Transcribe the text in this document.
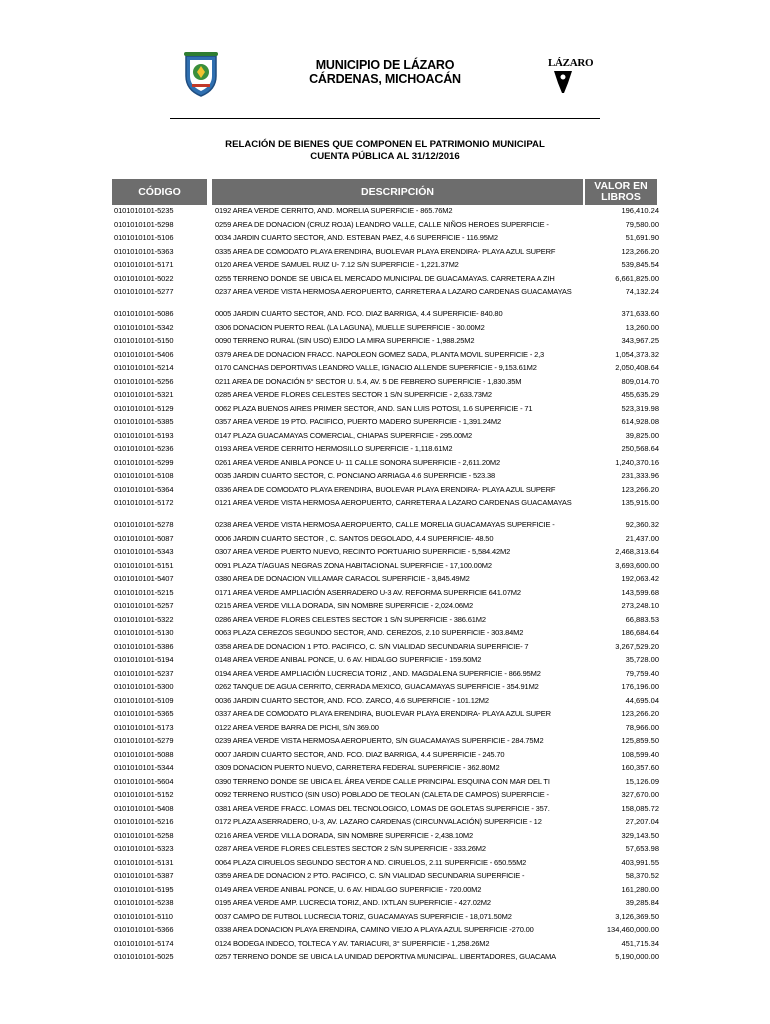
LÁZARO
MUNICIPIO DE LÁZARO
CÁRDENAS, MICHOACÁN
RELACIÓN DE BIENES QUE COMPONEN EL PATRIMONIO MUNICIPAL
CUENTA PÚBLICA AL 31/12/2016
CÓDIGO	DESCRIPCIÓN	VALOR EN
LIBROS
0101010101-5235	0192 AREA VERDE CERRITO, AND. MORELIA SUPERFICIE - 865.76M2	196,410.24
0101010101-5298	0259 AREA DE DONACION (CRUZ ROJA) LEANDRO VALLE, CALLE NIÑOS HEROES SUPERFICIE -	79,580.00
0101010101-5106	0034 JARDIN CUARTO SECTOR, AND. ESTEBAN PAEZ, 4.6 SUPERFICIE - 116.95M2	51,691.90
0101010101-5363	0335 AREA DE COMODATO PLAYA ERENDIRA, BUOLEVAR PLAYA ERENDIRA- PLAYA AZUL SUPERF	123,266.20
0101010101-5171	0120 AREA VERDE SAMUEL RUIZ U- 7.12 S/N SUPERFICIE - 1,221.37M2	539,845.54
0101010101-5022	0255 TERRENO DONDE SE UBICA EL MERCADO MUNICIPAL DE GUACAMAYAS. CARRETERA A ZIH	6,661,825.00
0101010101-5277	0237 AREA VERDE VISTA HERMOSA AEROPUERTO, CARRETERA A LAZARO CARDENAS GUACAMAYAS	74,132.24
0101010101-5086	0005 JARDIN CUARTO SECTOR, AND. FCO. DIAZ BARRIGA, 4.4 SUPERFICIE- 840.80	371,633.60
0101010101-5342	0306 DONACION PUERTO REAL (LA LAGUNA), MUELLE SUPERFICIE - 30.00M2	13,260.00
0101010101-5150	0090 TERRENO RURAL (SIN USO) EJIDO LA MIRA SUPERFICIE - 1,988.25M2	343,967.25
0101010101-5406	0379 AREA DE DONACION FRACC. NAPOLEON GOMEZ SADA, PLANTA MOVIL SUPERFICIE - 2,3	1,054,373.32
0101010101-5214	0170 CANCHAS DEPORTIVAS LEANDRO VALLE, IGNACIO ALLENDE SUPERFICIE - 9,153.61M2	2,050,408.64
0101010101-5256	0211 AREA DE DONACIÓN 5° SECTOR U. 5.4, AV. 5 DE FEBRERO SUPERFICIE - 1,830.35M	809,014.70
0101010101-5321	0285 AREA VERDE FLORES CELESTES SECTOR 1 S/N SUPERFICIE - 2,633.73M2	455,635.29
0101010101-5129	0062 PLAZA BUENOS AIRES PRIMER SECTOR, AND. SAN LUIS POTOSI, 1.6 SUPERFICIE - 71	523,319.98
0101010101-5385	0357 AREA VERDE 19 PTO. PACIFICO, PUERTO MADERO SUPERFICIE - 1,391.24M2	614,928.08
0101010101-5193	0147 PLAZA GUACAMAYAS COMERCIAL, CHIAPAS SUPERFICIE - 295.00M2	39,825.00
0101010101-5236	0193 AREA VERDE CERRITO HERMOSILLO SUPERFICIE - 1,118.61M2	250,568.64
0101010101-5299	0261 AREA VERDE ANIBLA PONCE U- 11 CALLE SONORA SUPERFICIE - 2,611.20M2	1,240,370.16
0101010101-5108	0035 JARDIN CUARTO SECTOR, C. PONCIANO ARRIAGA 4.6 SUPERFICIE - 523.38	231,333.96
0101010101-5364	0336 AREA DE COMODATO PLAYA ERENDIRA, BUOLEVAR PLAYA ERENDIRA- PLAYA AZUL SUPERF	123,266.20
0101010101-5172	0121 AREA VERDE VISTA HERMOSA AEROPUERTO, CARRETERA A LAZARO CARDENAS GUACAMAYAS	135,915.00
0101010101-5278	0238 AREA VERDE VISTA HERMOSA AEROPUERTO, CALLE MORELIA GUACAMAYAS SUPERFICIE -	92,360.32
0101010101-5087	0006 JARDIN CUARTO SECTOR , C. SANTOS DEGOLADO, 4.4 SUPERFICIE- 48.50	21,437.00
0101010101-5343	0307 AREA VERDE PUERTO NUEVO, RECINTO PORTUARIO SUPERFICIE - 5,584.42M2	2,468,313.64
0101010101-5151	0091 PLAZA T/AGUAS NEGRAS ZONA HABITACIONAL SUPERFICIE - 17,100.00M2	3,693,600.00
0101010101-5407	0380 AREA DE DONACION VILLAMAR CARACOL SUPERFICIE - 3,845.49M2	192,063.42
0101010101-5215	0171 AREA VERDE AMPLIACIÓN ASERRADERO U-3 AV. REFORMA SUPERFICIE 641.07M2	143,599.68
0101010101-5257	0215 AREA VERDE VILLA DORADA, SIN NOMBRE SUPERFICIE - 2,024.06M2	273,248.10
0101010101-5322	0286 AREA VERDE FLORES CELESTES SECTOR 1 S/N SUPERFICIE - 386.61M2	66,883.53
0101010101-5130	0063 PLAZA CEREZOS SEGUNDO SECTOR, AND. CEREZOS, 2.10 SUPERFICIE - 303.84M2	186,684.64
0101010101-5386	0358 AREA DE DONACION 1 PTO. PACIFICO, C. S/N VIALIDAD SECUNDARIA SUPERFICIE- 7	3,267,529.20
0101010101-5194	0148 AREA VERDE ANIBAL PONCE, U. 6 AV. HIDALGO SUPERFICIE - 159.50M2	35,728.00
0101010101-5237	0194 AREA VERDE AMPLIACIÓN LUCRECIA TORIZ , AND. MAGDALENA SUPERFICIE - 866.95M2	79,759.40
0101010101-5300	0262 TANQUE DE AGUA CERRITO, CERRADA MEXICO, GUACAMAYAS SUPERFICIE - 354.91M2	176,196.00
0101010101-5109	0036 JARDIN CUARTO SECTOR, AND. FCO. ZARCO, 4.6 SUPERFICIE - 101.12M2	44,695.04
0101010101-5365	0337 AREA DE COMODATO PLAYA ERENDIRA, BUOLEVAR PLAYA ERENDIRA- PLAYA AZUL SUPER	123,266.20
0101010101-5173	0122 AREA VERDE BARRA DE PICHI, S/N 369.00	78,966.00
0101010101-5279	0239 AREA VERDE VISTA HERMOSA AEROPUERTO, S/N GUACAMAYAS SUPERFICIE - 284.75M2	125,859.50
0101010101-5088	0007 JARDIN CUARTO SECTOR, AND. FCO. DIAZ BARRIGA, 4.4 SUPERFICIE - 245.70	108,599.40
0101010101-5344	0309 DONACION PUERTO NUEVO, CARRETERA FEDERAL SUPERFICIE - 362.80M2	160,357.60
0101010101-5604	0390 TERRENO DONDE SE UBICA EL ÁREA VERDE CALLE PRINCIPAL ESQUINA CON MAR DEL TI	15,126.09
0101010101-5152	0092 TERRENO RUSTICO (SIN USO) POBLADO DE TEOLAN (CALETA DE CAMPOS) SUPERFICIE -	327,670.00
0101010101-5408	0381 AREA VERDE FRACC. LOMAS DEL TECNOLOGICO, LOMAS DE GOLETAS SUPERFICIE - 357.	158,085.72
0101010101-5216	0172 PLAZA ASERRADERO, U-3, AV. LAZARO CARDENAS (CIRCUNVALACIÓN) SUPERFICIE - 12	27,207.04
0101010101-5258	0216 AREA VERDE VILLA DORADA, SIN NOMBRE SUPERFICIE - 2,438.10M2	329,143.50
0101010101-5323	0287 AREA VERDE FLORES CELESTES SECTOR 2 S/N SUPERFICIE - 333.26M2	57,653.98
0101010101-5131	0064 PLAZA CIRUELOS SEGUNDO SECTOR A ND. CIRUELOS, 2.11 SUPERFICIE - 650.55M2	403,991.55
0101010101-5387	0359 AREA DE DONACION 2 PTO. PACIFICO, C. S/N VIALIDAD SECUNDARIA SUPERFICIE -	58,370.52
0101010101-5195	0149 AREA VERDE ANIBAL PONCE, U. 6 AV. HIDALGO SUPERFICIE - 720.00M2	161,280.00
0101010101-5238	0195 AREA VERDE AMP. LUCRECIA TORIZ, AND. IXTLAN SUPERFICIE - 427.02M2	39,285.84
0101010101-5110	0037 CAMPO DE FUTBOL LUCRECIA TORIZ, GUACAMAYAS SUPERFICIE - 18,071.50M2	3,126,369.50
0101010101-5366	0338 AREA DONACION PLAYA ERENDIRA, CAMINO VIEJO A PLAYA AZUL SUPERFICIE -270.00	134,460,000.00
0101010101-5174	0124 BODEGA INDECO, TOLTECA Y AV. TARIACURI, 3° SUPERFICIE - 1,258.26M2	451,715.34
0101010101-5025	0257 TERRENO DONDE SE UBICA LA UNIDAD DEPORTIVA MUNICIPAL. LIBERTADORES, GUACAMA	5,190,000.00
